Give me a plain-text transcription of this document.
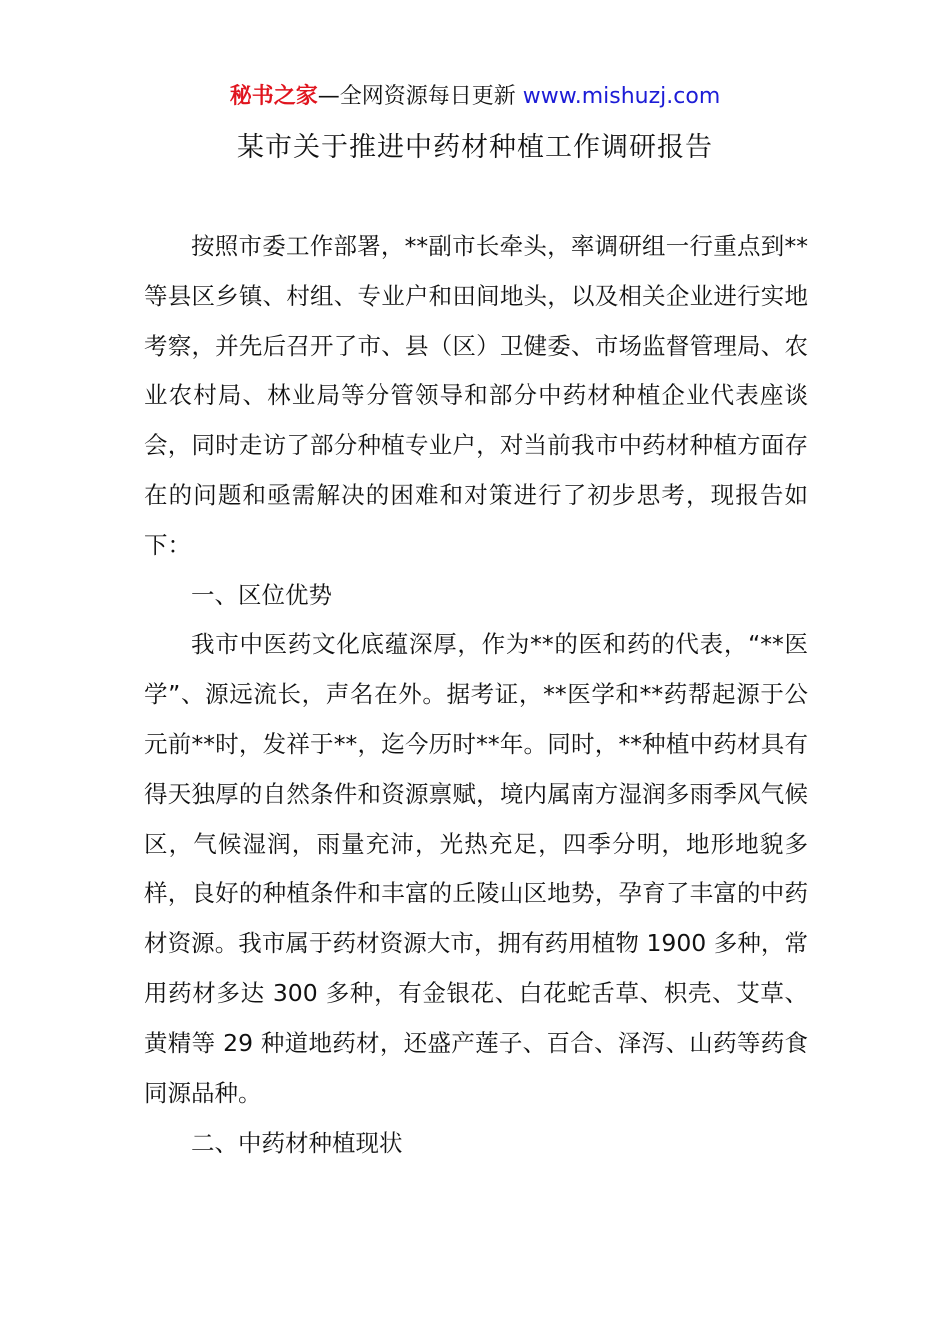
秘书之家—全网资源每日更新 www.mishuzj.com
某市关于推进中药材种植工作调研报告

按照市委工作部署，**副市长牵头，率调研组一行重点到**等县区乡镇、村组、专业户和田间地头，以及相关企业进行实地考察，并先后召开了市、县（区）卫健委、市场监督管理局、农业农村局、林业局等分管领导和部分中药材种植企业代表座谈会，同时走访了部分种植专业户，对当前我市中药材种植方面存在的问题和亟需解决的困难和对策进行了初步思考，现报告如下：

一、区位优势

我市中医药文化底蕴深厚，作为**的医和药的代表，“**医学”、源远流长，声名在外。据考证，**医学和**药帮起源于公元前**时，发祥于**，迄今历时**年。同时，**种植中药材具有得天独厚的自然条件和资源禀赋，境内属南方湿润多雨季风气候区，气候湿润，雨量充沛，光热充足，四季分明，地形地貌多样，良好的种植条件和丰富的丘陵山区地势，孕育了丰富的中药材资源。我市属于药材资源大市，拥有药用植物 1900 多种，常用药材多达 300 多种，有金银花、白花蛇舌草、枳壳、艾草、黄精等 29 种道地药材，还盛产莲子、百合、泽泻、山药等药食同源品种。

二、中药材种植现状
